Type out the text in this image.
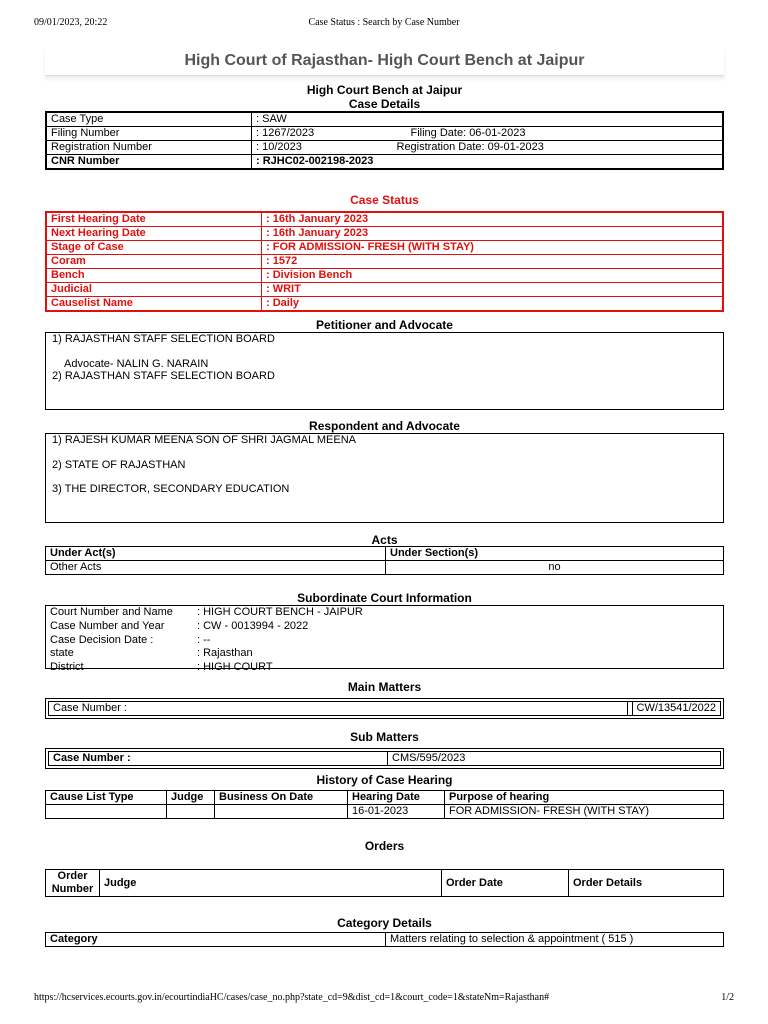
09/01/2023, 20:22	Case Status : Search by Case Number
High Court of Rajasthan- High Court Bench at Jaipur
High Court Bench at Jaipur
Case Details
Case Type	: SAW	
Filing Number	: 1267/2023	Filing Date: 06-01-2023
Registration Number	: 10/2023	Registration Date: 09-01-2023
CNR Number	: RJHC02-002198-2023	
Case Status
First Hearing Date	: 16th January 2023
Next Hearing Date	: 16th January 2023
Stage of Case	: FOR ADMISSION- FRESH (WITH STAY)
Coram	: 1572
Bench	: Division Bench
Judicial	: WRIT
Causelist Name	: Daily
Petitioner and Advocate
1) RAJASTHAN STAFF SELECTION BOARD
Advocate- NALIN G. NARAIN
2) RAJASTHAN STAFF SELECTION BOARD
Respondent and Advocate
1) RAJESH KUMAR MEENA SON OF SHRI JAGMAL MEENA
2) STATE OF RAJASTHAN
3) THE DIRECTOR, SECONDARY EDUCATION
Acts
Under Act(s)	Under Section(s)
Other Acts	no
Subordinate Court Information
Court Number and Name	: HIGH COURT BENCH - JAIPUR
Case Number and Year	: CW - 0013994 - 2022
Case Decision Date :	: --
state	: Rajasthan
District	: HIGH COURT
Main Matters
Case Number :		CW/13541/2022
Sub Matters
Case Number :	CMS/595/2023
History of Case Hearing
Cause List Type	Judge	Business On Date	Hearing Date	Purpose of hearing
			16-01-2023	FOR ADMISSION- FRESH (WITH STAY)
Orders
Order Number	Judge	Order Date	Order Details
Category Details
Category	Matters relating to selection & appointment ( 515 )
https://hcservices.ecourts.gov.in/ecourtindiaHC/cases/case_no.php?state_cd=9&dist_cd=1&court_code=1&stateNm=Rajasthan#	1/2
